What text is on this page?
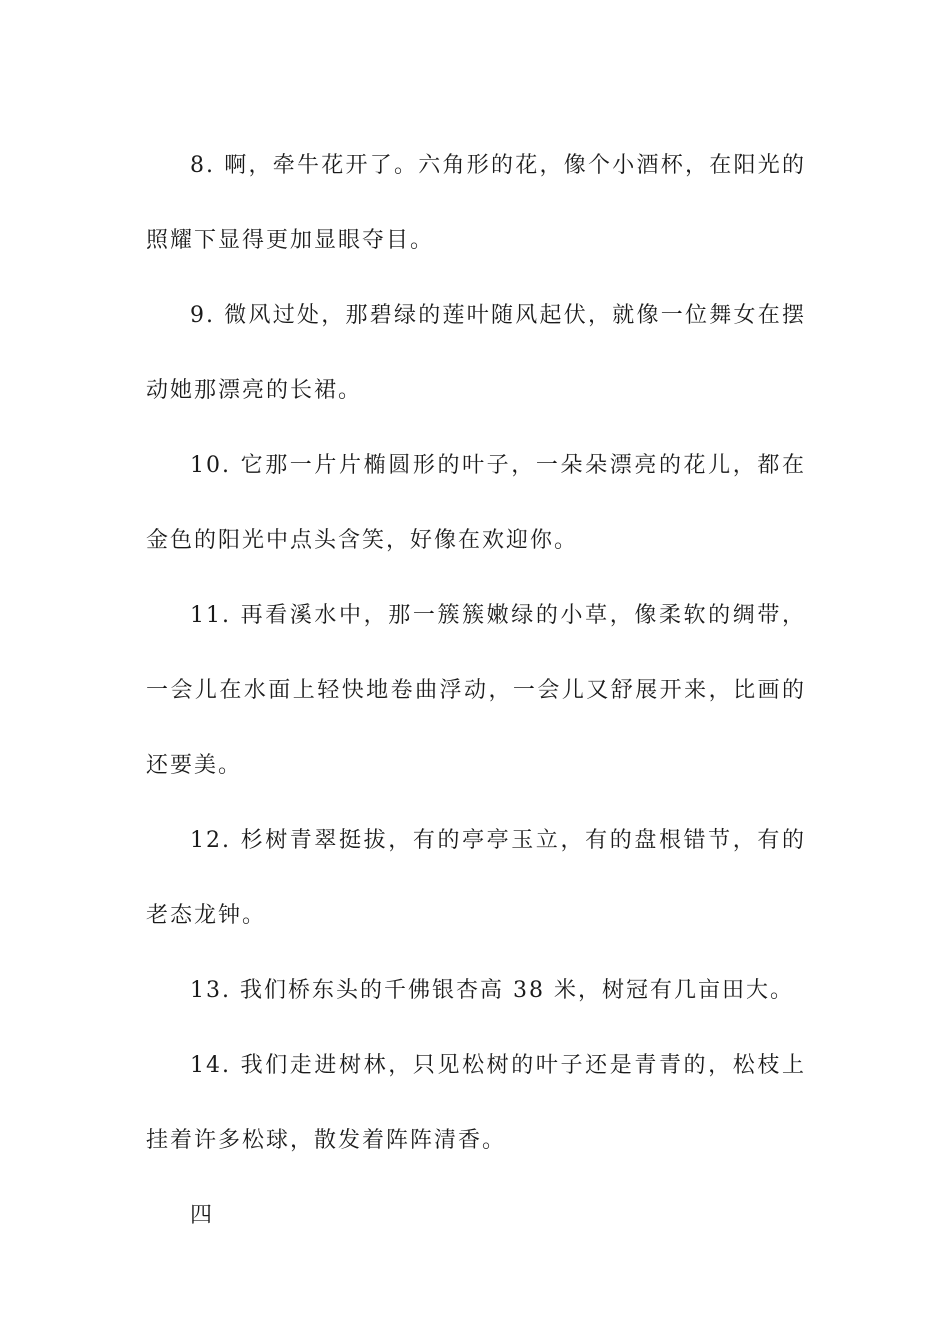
8. 啊，牵牛花开了。六角形的花，像个小酒杯，在阳光的照耀下显得更加显眼夺目。

9. 微风过处，那碧绿的莲叶随风起伏，就像一位舞女在摆动她那漂亮的长裙。

10. 它那一片片椭圆形的叶子，一朵朵漂亮的花儿，都在金色的阳光中点头含笑，好像在欢迎你。

11. 再看溪水中，那一簇簇嫩绿的小草，像柔软的绸带，一会儿在水面上轻快地卷曲浮动，一会儿又舒展开来，比画的还要美。

12. 杉树青翠挺拔，有的亭亭玉立，有的盘根错节，有的老态龙钟。

13. 我们桥东头的千佛银杏高 38 米，树冠有几亩田大。

14. 我们走进树林，只见松树的叶子还是青青的，松枝上挂着许多松球，散发着阵阵清香。

四
